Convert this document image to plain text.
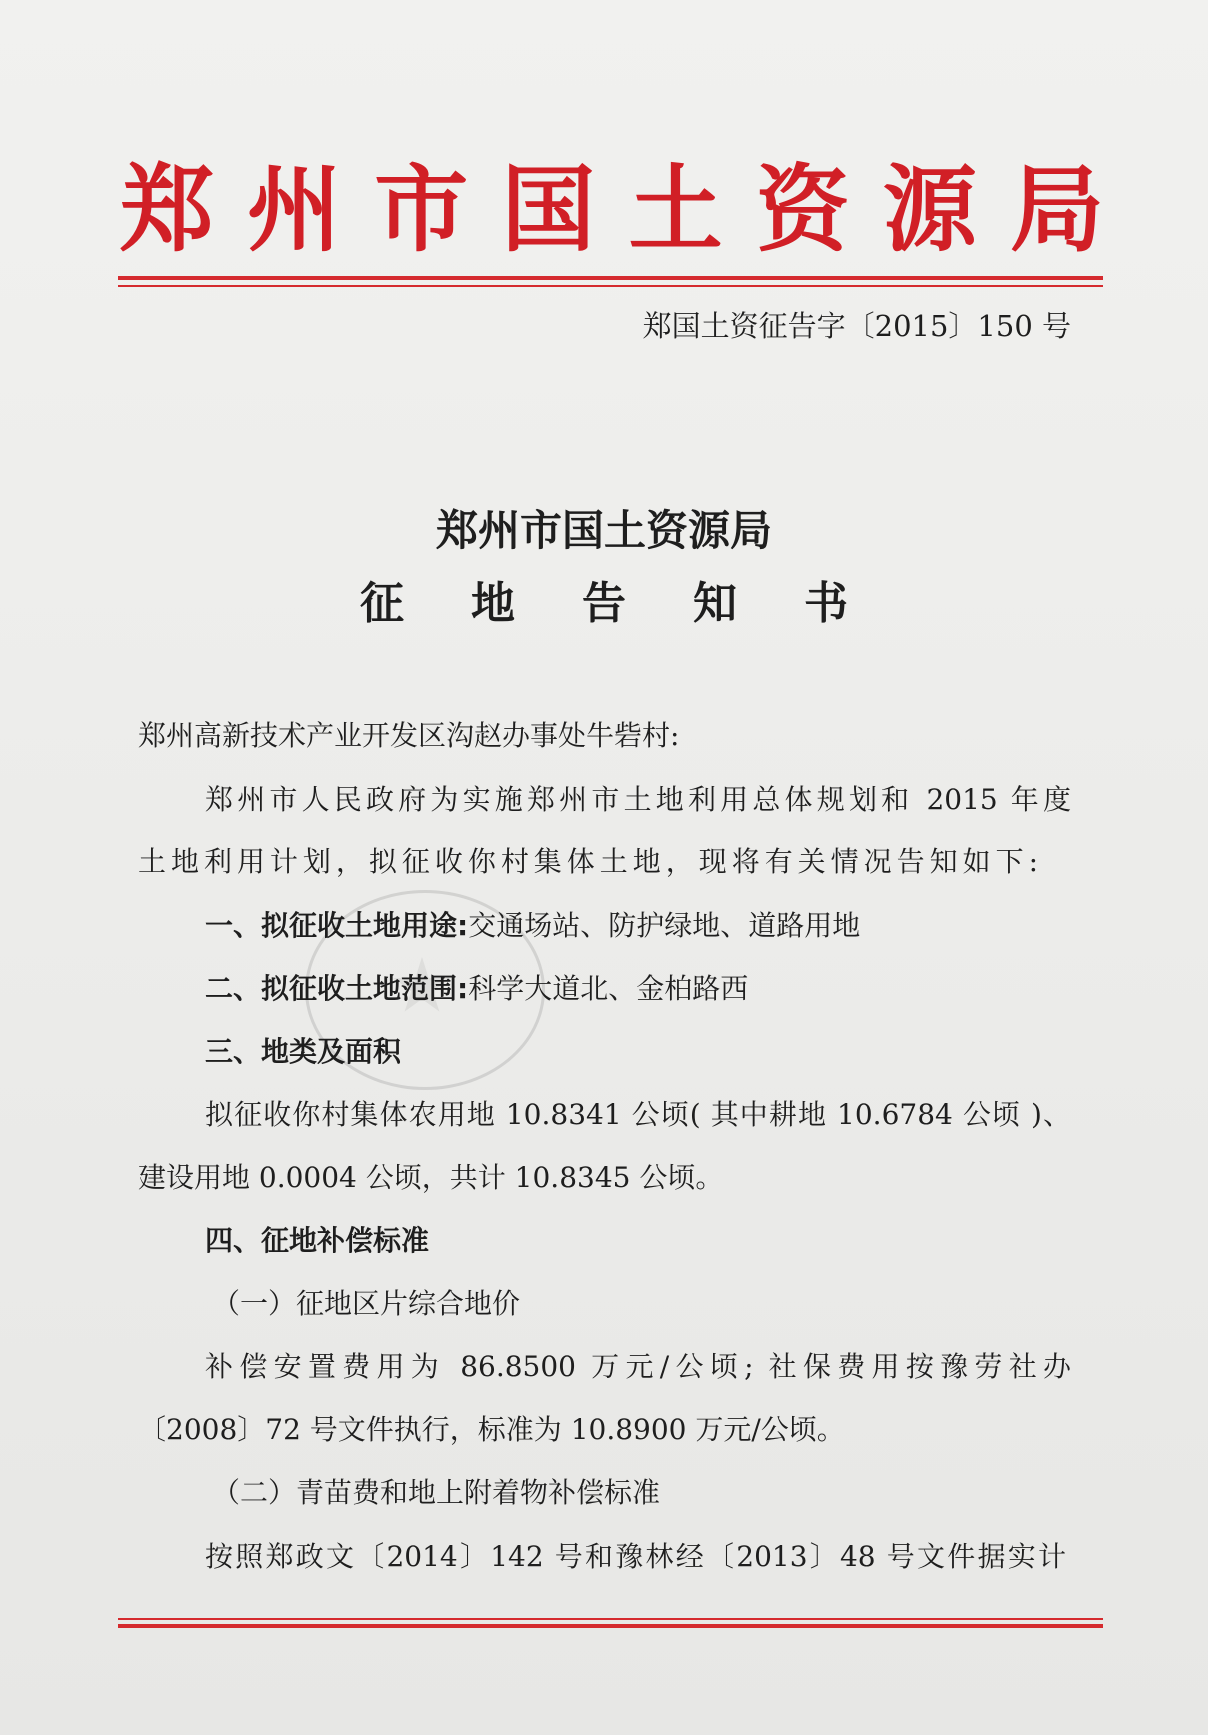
郑 州 市 国 土 资 源 局
郑国土资征告字〔2015〕150 号
郑州市国土资源局
征 地 告 知 书
郑州高新技术产业开发区沟赵办事处牛砦村:
郑州市人民政府为实施郑州市土地利用总体规划和 2015 年度
土地利用计划，拟征收你村集体土地，现将有关情况告知如下:
一、拟征收土地用途:交通场站、防护绿地、道路用地
二、拟征收土地范围:科学大道北、金柏路西
三、地类及面积
拟征收你村集体农用地 10.8341 公顷( 其中耕地 10.6784 公顷 )、
建设用地 0.0004 公顷，共计 10.8345 公顷。
四、征地补偿标准
（一）征地区片综合地价
补偿安置费用为 86.8500 万元/公顷; 社保费用按豫劳社办
〔2008〕72 号文件执行，标准为 10.8900 万元/公顷。
（二）青苗费和地上附着物补偿标准
按照郑政文〔2014〕142 号和豫林经〔2013〕48 号文件据实计
